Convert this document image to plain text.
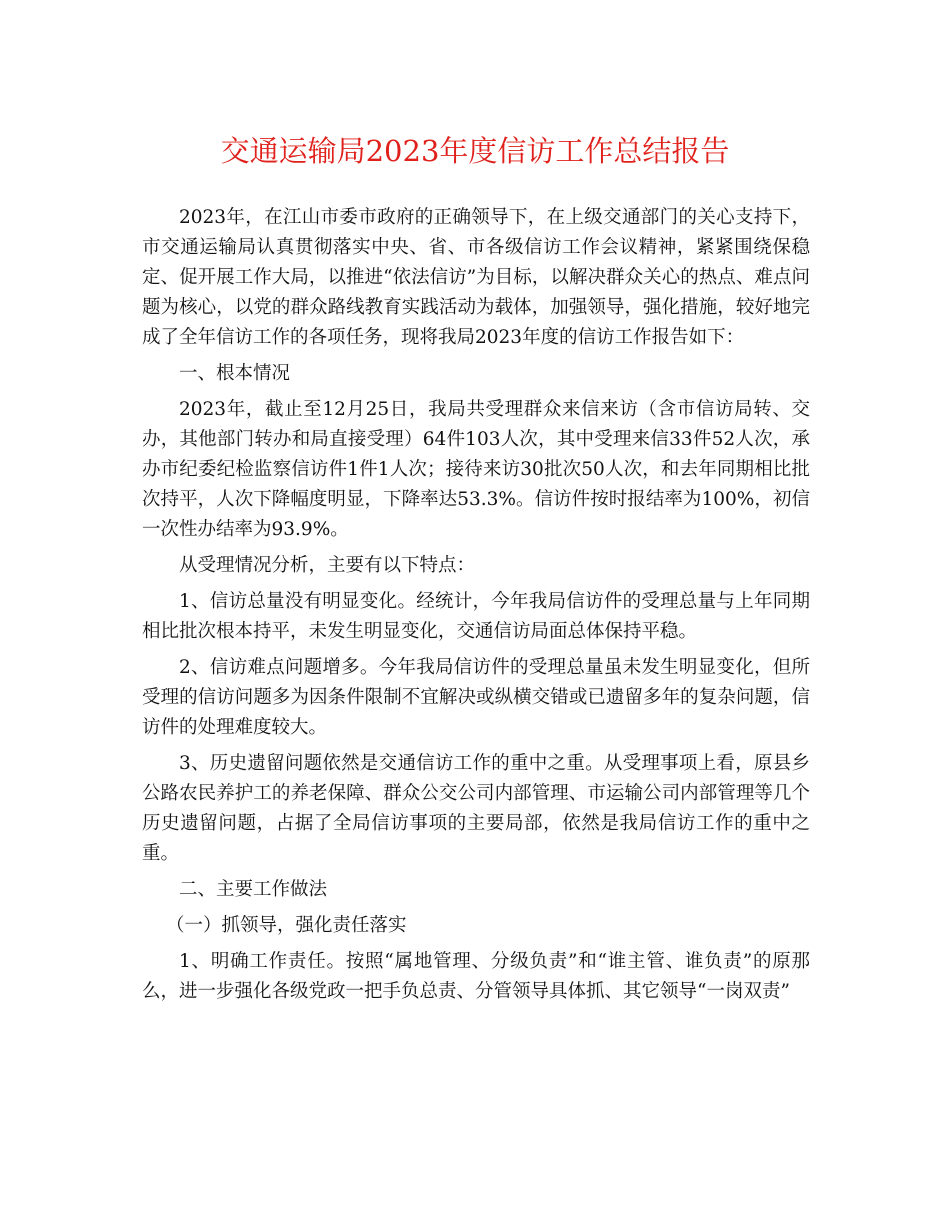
交通运输局2023年度信访工作总结报告

2023年，在江山市委市政府的正确领导下，在上级交通部门的关心支持下，市交通运输局认真贯彻落实中央、省、市各级信访工作会议精神，紧紧围绕保稳定、促开展工作大局，以推进“依法信访”为目标，以解决群众关心的热点、难点问题为核心，以党的群众路线教育实践活动为载体，加强领导，强化措施，较好地完成了全年信访工作的各项任务，现将我局2023年度的信访工作报告如下：

一、根本情况

2023年，截止至12月25日，我局共受理群众来信来访（含市信访局转、交办，其他部门转办和局直接受理）64件103人次，其中受理来信33件52人次，承办市纪委纪检监察信访件1件1人次；接待来访30批次50人次，和去年同期相比批次持平，人次下降幅度明显，下降率达53.3%。信访件按时报结率为100%，初信一次性办结率为93.9%。

从受理情况分析，主要有以下特点：

1、信访总量没有明显变化。经统计，今年我局信访件的受理总量与上年同期相比批次根本持平，未发生明显变化，交通信访局面总体保持平稳。

2、信访难点问题增多。今年我局信访件的受理总量虽未发生明显变化，但所受理的信访问题多为因条件限制不宜解决或纵横交错或已遗留多年的复杂问题，信访件的处理难度较大。

3、历史遗留问题依然是交通信访工作的重中之重。从受理事项上看，原县乡公路农民养护工的养老保障、群众公交公司内部管理、市运输公司内部管理等几个历史遗留问题，占据了全局信访事项的主要局部，依然是我局信访工作的重中之重。

二、主要工作做法

（一）抓领导，强化责任落实

1、明确工作责任。按照“属地管理、分级负责”和“谁主管、谁负责”的原那么，进一步强化各级党政一把手负总责、分管领导具体抓、其它领导“一岗双责”
